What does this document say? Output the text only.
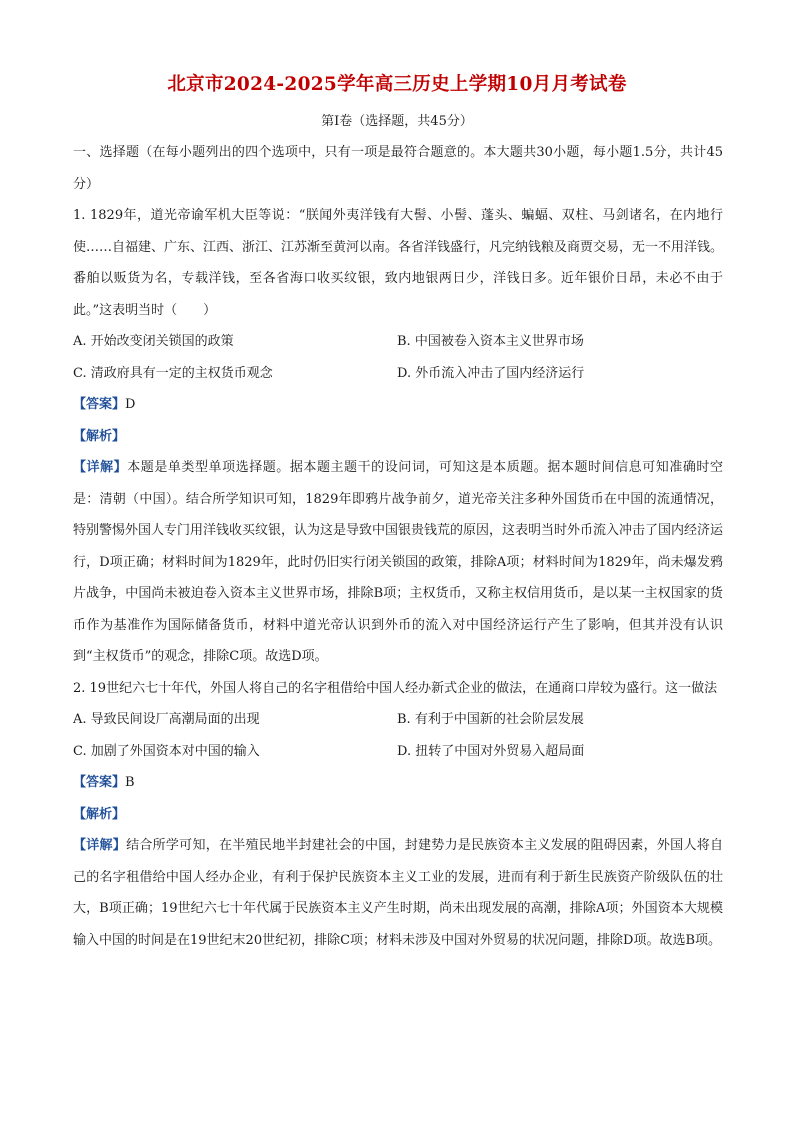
北京市2024-2025学年高三历史上学期10月月考试卷
第Ⅰ卷（选择题，共45分）

一、选择题（在每小题列出的四个选项中，只有一项是最符合题意的。本大题共30小题，每小题1.5分，共计45分）

1. 1829年，道光帝谕军机大臣等说：“朕闻外夷洋钱有大髻、小髻、蓬头、蝙蝠、双柱、马剑诸名，在内地行使……自福建、广东、江西、浙江、江苏渐至黄河以南。各省洋钱盛行，凡完纳钱粮及商贾交易，无一不用洋钱。番舶以贩货为名，专载洋钱，至各省海口收买纹银，致内地银两日少，洋钱日多。近年银价日昂，未必不由于此。”这表明当时（　　）

A. 开始改变闭关锁国的政策	B. 中国被卷入资本主义世界市场
C. 清政府具有一定的主权货币观念	D. 外币流入冲击了国内经济运行

【答案】D

【解析】

【详解】本题是单类型单项选择题。据本题主题干的设问词，可知这是本质题。据本题时间信息可知准确时空是：清朝（中国）。结合所学知识可知，1829年即鸦片战争前夕，道光帝关注多种外国货币在中国的流通情况，特别警惕外国人专门用洋钱收买纹银，认为这是导致中国银贵钱荒的原因，这表明当时外币流入冲击了国内经济运行，D项正确；材料时间为1829年，此时仍旧实行闭关锁国的政策，排除A项；材料时间为1829年，尚未爆发鸦片战争，中国尚未被迫卷入资本主义世界市场，排除B项；主权货币，又称主权信用货币，是以某一主权国家的货币作为基准作为国际储备货币，材料中道光帝认识到外币的流入对中国经济运行产生了影响，但其并没有认识到“主权货币”的观念，排除C项。故选D项。

2. 19世纪六七十年代，外国人将自己的名字租借给中国人经办新式企业的做法，在通商口岸较为盛行。这一做法

A. 导致民间设厂高潮局面的出现	B. 有利于中国新的社会阶层发展
C. 加剧了外国资本对中国的输入	D. 扭转了中国对外贸易入超局面

【答案】B

【解析】

【详解】结合所学可知，在半殖民地半封建社会的中国，封建势力是民族资本主义发展的阻碍因素，外国人将自己的名字租借给中国人经办企业，有利于保护民族资本主义工业的发展，进而有利于新生民族资产阶级队伍的壮大，B项正确；19世纪六七十年代属于民族资本主义产生时期，尚未出现发展的高潮，排除A项；外国资本大规模输入中国的时间是在19世纪末20世纪初，排除C项；材料未涉及中国对外贸易的状况问题，排除D项。故选B项。
